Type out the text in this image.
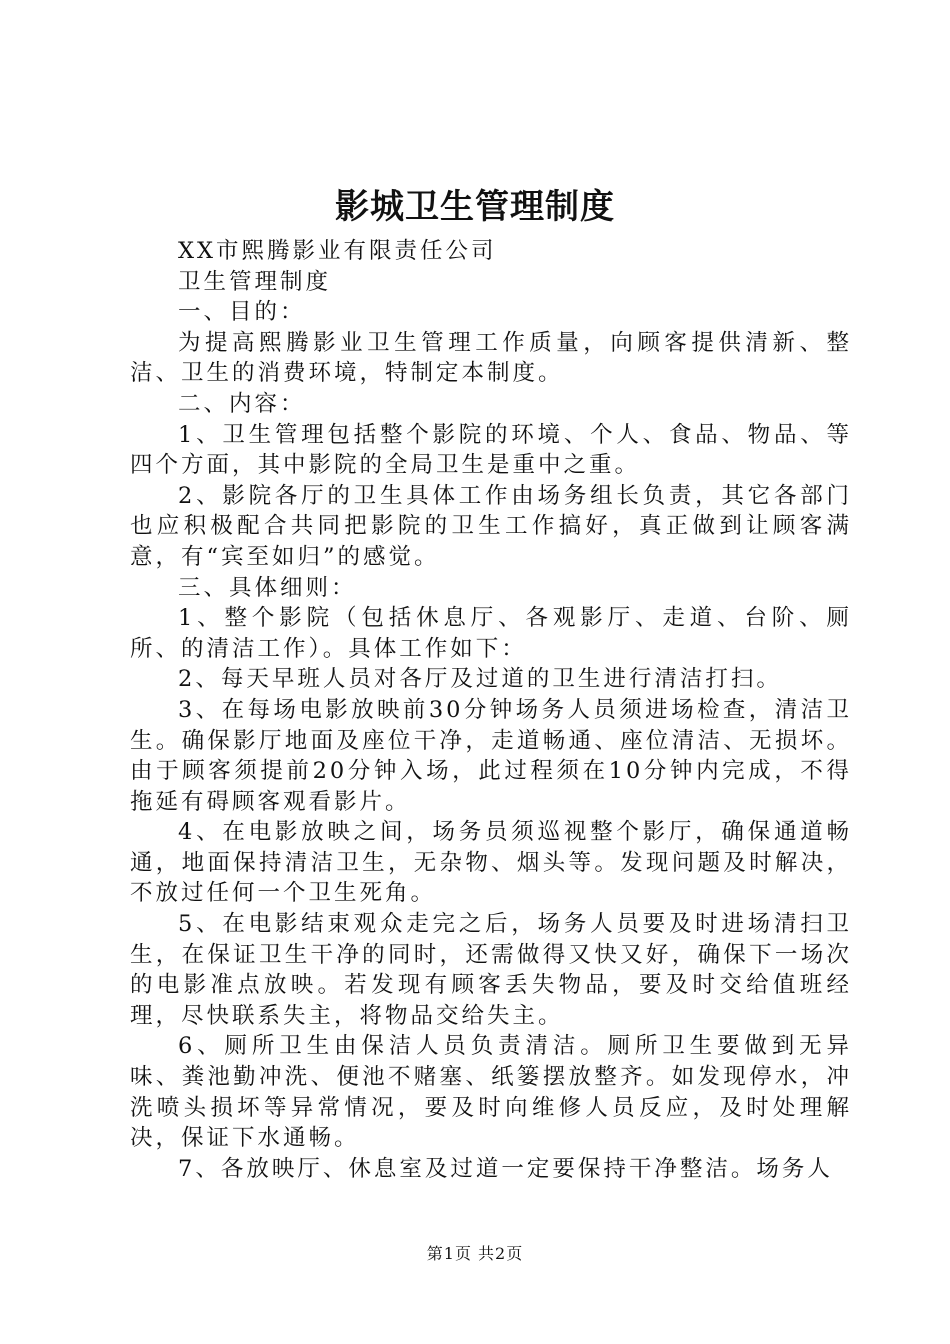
影城卫生管理制度

XX市熙腾影业有限责任公司

卫生管理制度

一、目的：

为提高熙腾影业卫生管理工作质量，向顾客提供清新、整洁、卫生的消费环境，特制定本制度。

二、内容：

1、卫生管理包括整个影院的环境、个人、食品、物品、等四个方面，其中影院的全局卫生是重中之重。

2、影院各厅的卫生具体工作由场务组长负责，其它各部门也应积极配合共同把影院的卫生工作搞好，真正做到让顾客满意，有“宾至如归”的感觉。

三、具体细则：

1、整个影院（包括休息厅、各观影厅、走道、台阶、厕所、的清洁工作）。具体工作如下：

2、每天早班人员对各厅及过道的卫生进行清洁打扫。

3、在每场电影放映前30分钟场务人员须进场检查，清洁卫生。确保影厅地面及座位干净，走道畅通、座位清洁、无损坏。由于顾客须提前20分钟入场，此过程须在10分钟内完成，不得拖延有碍顾客观看影片。

4、在电影放映之间，场务员须巡视整个影厅，确保通道畅通，地面保持清洁卫生，无杂物、烟头等。发现问题及时解决，不放过任何一个卫生死角。

5、在电影结束观众走完之后，场务人员要及时进场清扫卫生，在保证卫生干净的同时，还需做得又快又好，确保下一场次的电影准点放映。若发现有顾客丢失物品，要及时交给值班经理，尽快联系失主，将物品交给失主。

6、厕所卫生由保洁人员负责清洁。厕所卫生要做到无异味、粪池勤冲洗、便池不赌塞、纸篓摆放整齐。如发现停水，冲洗喷头损坏等异常情况，要及时向维修人员反应，及时处理解决，保证下水通畅。

7、各放映厅、休息室及过道一定要保持干净整洁。场务人

第1页 共2页
